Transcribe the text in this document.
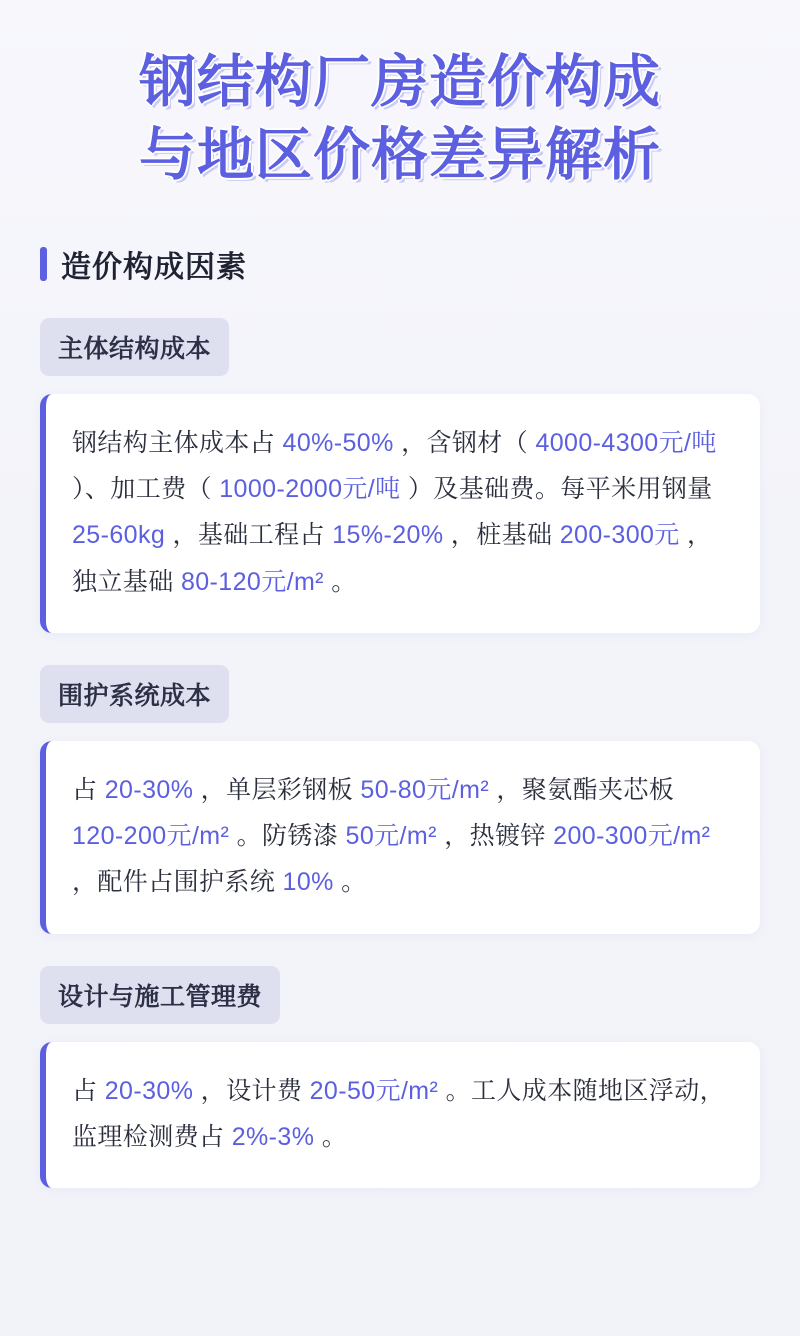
钢结构厂房造价构成
与地区价格差异解析
造价构成因素
主体结构成本

钢结构主体成本占 40%-50% ，含钢材（ 4000-4300元/吨 ）、加工费（ 1000-2000元/吨 ）及基础费。每平米用钢量 25-60kg ，基础工程占 15%-20% ，桩基础 200-300元 ，独立基础 80-120元/m² 。

围护系统成本

占 20-30% ，单层彩钢板 50-80元/m² ，聚氨酯夹芯板 120-200元/m² 。防锈漆 50元/m² ，热镀锌 200-300元/m² ，配件占围护系统 10% 。

设计与施工管理费

占 20-30% ，设计费 20-50元/m² 。工人成本随地区浮动，监理检测费占 2%-3% 。
